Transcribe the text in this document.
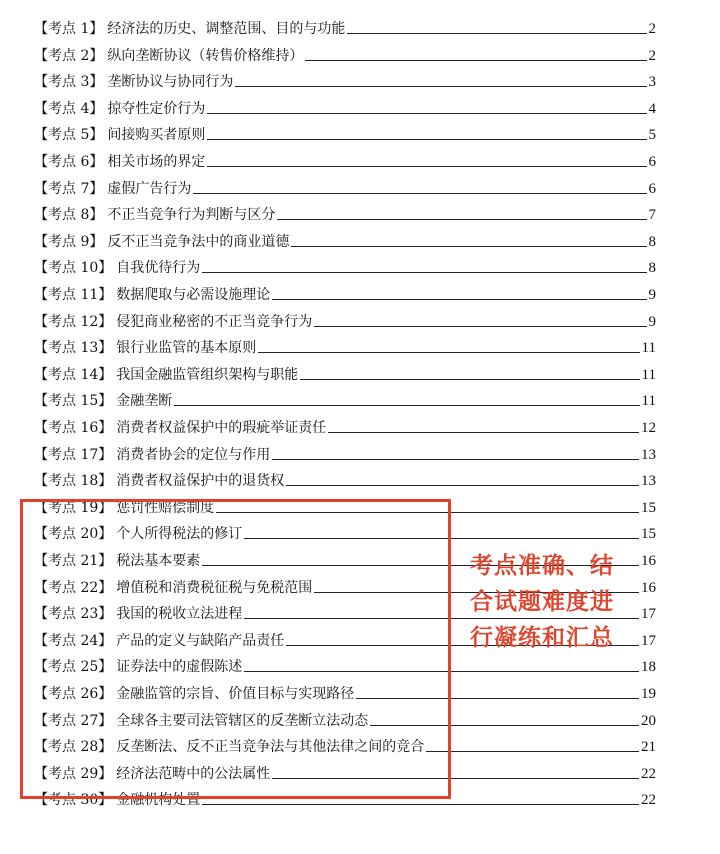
【考点 1】 经济法的历史、调整范围、目的与功能	2
【考点 2】 纵向垄断协议（转售价格维持）	2
【考点 3】 垄断协议与协同行为	3
【考点 4】 掠夺性定价行为	4
【考点 5】 间接购买者原则	5
【考点 6】 相关市场的界定	6
【考点 7】 虚假广告行为	6
【考点 8】 不正当竞争行为判断与区分	7
【考点 9】 反不正当竞争法中的商业道德	8
【考点 10】 自我优待行为	8
【考点 11】 数据爬取与必需设施理论	9
【考点 12】 侵犯商业秘密的不正当竞争行为	9
【考点 13】 银行业监管的基本原则	11
【考点 14】 我国金融监管组织架构与职能	11
【考点 15】 金融垄断	11
【考点 16】 消费者权益保护中的瑕疵举证责任	12
【考点 17】 消费者协会的定位与作用	13
【考点 18】 消费者权益保护中的退货权	13
【考点 19】 惩罚性赔偿制度	15
【考点 20】 个人所得税法的修订	15
【考点 21】 税法基本要素	16
【考点 22】 增值税和消费税征税与免税范围	16
【考点 23】 我国的税收立法进程	17
【考点 24】 产品的定义与缺陷产品责任	17
【考点 25】 证券法中的虚假陈述	18
【考点 26】 金融监管的宗旨、价值目标与实现路径	19
【考点 27】 全球各主要司法管辖区的反垄断立法动态	20
【考点 28】 反垄断法、反不正当竞争法与其他法律之间的竞合	21
【考点 29】 经济法范畴中的公法属性	22
【考点 30】 金融机构处置	22
考点准确、结
合试题难度进
行凝练和汇总
